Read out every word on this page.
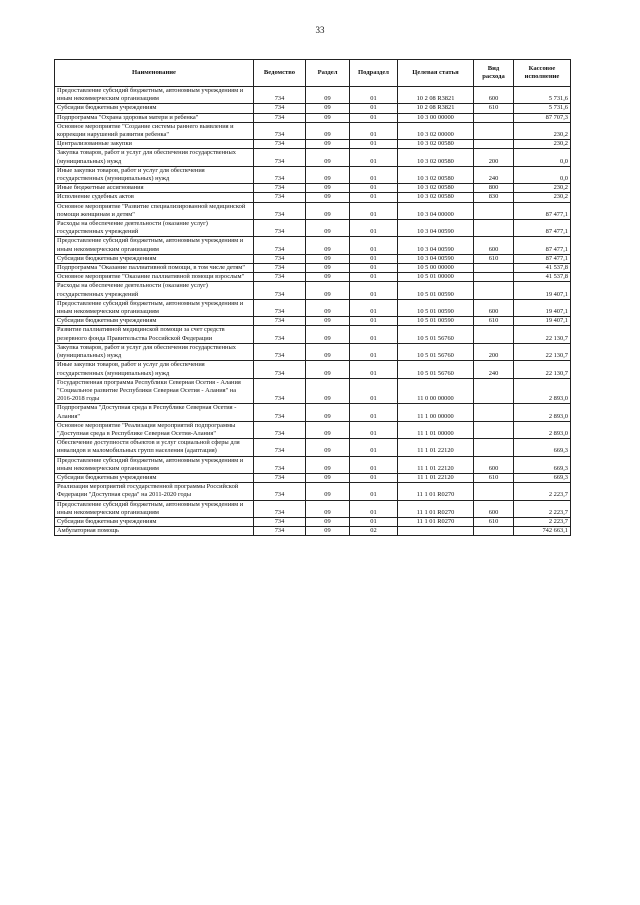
33
Наименование	Ведомство	Раздел	Подраздел	Целевая статья	Вид расхода	Кассовое исполнение
Предоставление субсидий бюджетным, автономным учреждениям и иным некоммерческим организациям	734	09	01	10 2 08 R3821	600	5 731,6
Субсидии бюджетным учреждениям	734	09	01	10 2 08 R3821	610	5 731,6
Подпрограмма "Охрана здоровья матери и ребенка"	734	09	01	10 3 00 00000		87 707,3
Основное мероприятие "Создание системы раннего выявления и коррекции нарушений развития ребенка"	734	09	01	10 3 02 00000		230,2
Централизованные закупки	734	09	01	10 3 02 00580		230,2
Закупка товаров, работ и услуг для обеспечения государственных (муниципальных) нужд	734	09	01	10 3 02 00580	200	0,0
Иные закупки товаров, работ и услуг для обеспечения государственных (муниципальных) нужд	734	09	01	10 3 02 00580	240	0,0
Иные бюджетные ассигнования	734	09	01	10 3 02 00580	800	230,2
Исполнение судебных актов	734	09	01	10 3 02 00580	830	230,2
Основное мероприятие "Развитие специализированной медицинской помощи женщинам и детям"	734	09	01	10 3 04 00000		87 477,1
Расходы на обеспечение деятельности (оказание услуг) государственных учреждений	734	09	01	10 3 04 00590		87 477,1
Предоставление субсидий бюджетным, автономным учреждениям и иным некоммерческим организациям	734	09	01	10 3 04 00590	600	87 477,1
Субсидии бюджетным учреждениям	734	09	01	10 3 04 00590	610	87 477,1
Подпрограмма "Оказание паллиативной помощи, в том числе детям"	734	09	01	10 5 00 00000		41 537,8
Основное мероприятие "Оказание паллиативной помощи взрослым"	734	09	01	10 5 01 00000		41 537,8
Расходы на обеспечение деятельности (оказание услуг) государственных учреждений	734	09	01	10 5 01 00590		19 407,1
Предоставление субсидий бюджетным, автономным учреждениям и иным некоммерческим организациям	734	09	01	10 5 01 00590	600	19 407,1
Субсидии бюджетным учреждениям	734	09	01	10 5 01 00590	610	19 407,1
Развитие паллиативной медицинской помощи за счет средств резервного фонда Правительства Российской Федерации	734	09	01	10 5 01 56760		22 130,7
Закупка товаров, работ и услуг для обеспечения государственных (муниципальных) нужд	734	09	01	10 5 01 56760	200	22 130,7
Иные закупки товаров, работ и услуг для обеспечения государственных (муниципальных) нужд	734	09	01	10 5 01 56760	240	22 130,7
Государственная программа Республики Северная Осетия - Алания "Социальное развитие Республики Северная Осетия - Алания" на 2016-2018 годы	734	09	01	11 0 00 00000		2 893,0
Подпрограмма "Доступная среда в Республике Северная Осетия - Алания"	734	09	01	11 1 00 00000		2 893,0
Основное мероприятие "Реализация мероприятий подпрограммы "Доступная среда в Республике Северная Осетия-Алания"	734	09	01	11 1 01 00000		2 893,0
Обеспечение доступности объектов и услуг социальной сферы для инвалидов и маломобильных групп населения (адаптация)	734	09	01	11 1 01 22120		669,3
Предоставление субсидий бюджетным, автономным учреждениям и иным некоммерческим организациям	734	09	01	11 1 01 22120	600	669,3
Субсидии бюджетным учреждениям	734	09	01	11 1 01 22120	610	669,3
Реализация мероприятий государственной программы Российской Федерации "Доступная среда" на 2011-2020 годы	734	09	01	11 1 01 R0270		2 223,7
Предоставление субсидий бюджетным, автономным учреждениям и иным некоммерческим организациям	734	09	01	11 1 01 R0270	600	2 223,7
Субсидии бюджетным учреждениям	734	09	01	11 1 01 R0270	610	2 223,7
Амбулаторная помощь	734	09	02			742 663,1
